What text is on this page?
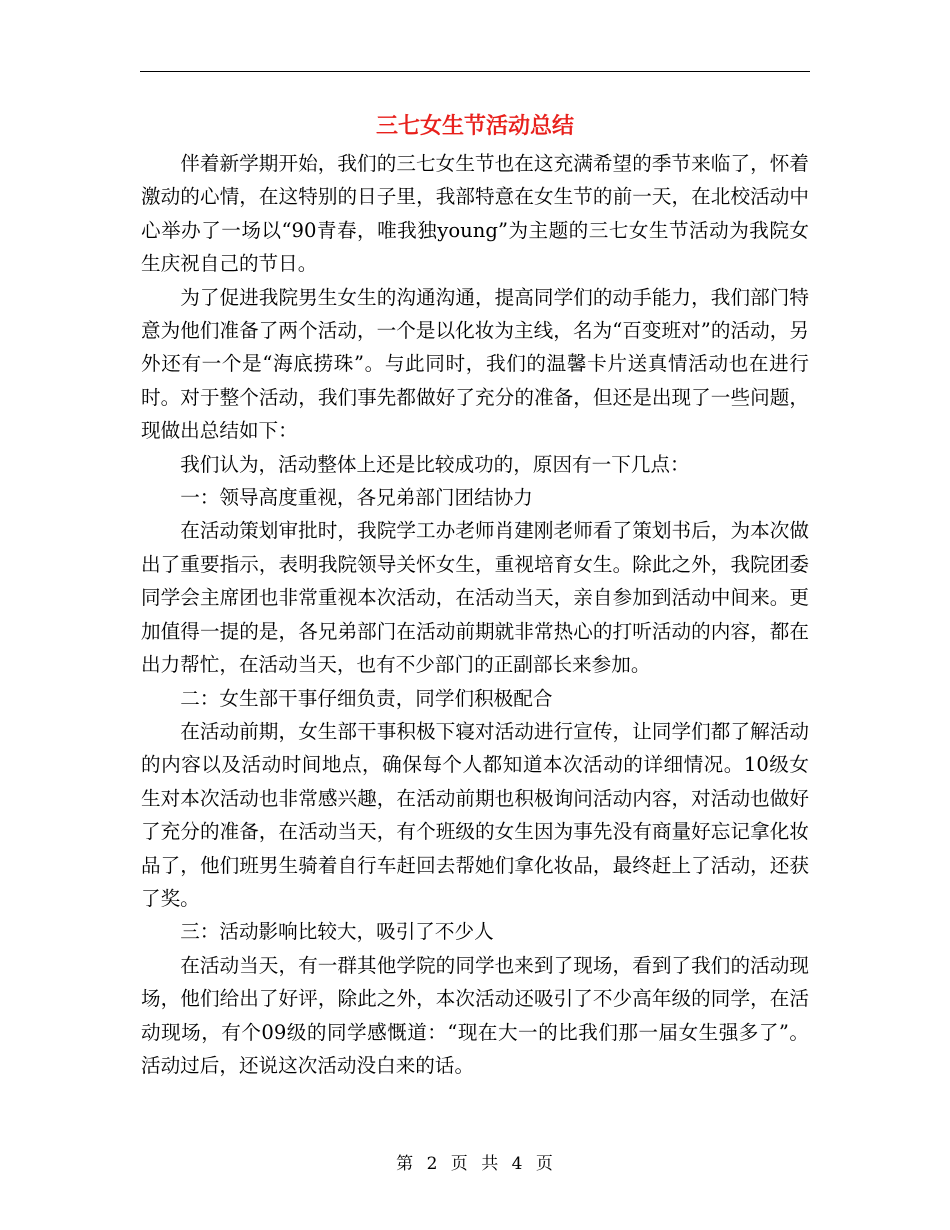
三七女生节活动总结

伴着新学期开始，我们的三七女生节也在这充满希望的季节来临了，怀着激动的心情，在这特别的日子里，我部特意在女生节的前一天，在北校活动中心举办了一场以“90青春，唯我独young”为主题的三七女生节活动为我院女生庆祝自己的节日。

为了促进我院男生女生的沟通沟通，提高同学们的动手能力，我们部门特意为他们准备了两个活动，一个是以化妆为主线，名为“百变班对”的活动，另外还有一个是“海底捞珠”。与此同时，我们的温馨卡片送真情活动也在进行时。对于整个活动，我们事先都做好了充分的准备，但还是出现了一些问题，现做出总结如下：

我们认为，活动整体上还是比较成功的，原因有一下几点：

一：领导高度重视，各兄弟部门团结协力

在活动策划审批时，我院学工办老师肖建刚老师看了策划书后，为本次做出了重要指示，表明我院领导关怀女生，重视培育女生。除此之外，我院团委同学会主席团也非常重视本次活动，在活动当天，亲自参加到活动中间来。更加值得一提的是，各兄弟部门在活动前期就非常热心的打听活动的内容，都在出力帮忙，在活动当天，也有不少部门的正副部长来参加。

二：女生部干事仔细负责，同学们积极配合

在活动前期，女生部干事积极下寝对活动进行宣传，让同学们都了解活动的内容以及活动时间地点，确保每个人都知道本次活动的详细情况。10级女生对本次活动也非常感兴趣，在活动前期也积极询问活动内容，对活动也做好了充分的准备，在活动当天，有个班级的女生因为事先没有商量好忘记拿化妆品了，他们班男生骑着自行车赶回去帮她们拿化妆品，最终赶上了活动，还获了奖。

三：活动影响比较大，吸引了不少人

在活动当天，有一群其他学院的同学也来到了现场，看到了我们的活动现场，他们给出了好评，除此之外，本次活动还吸引了不少高年级的同学，在活动现场，有个09级的同学感慨道：“现在大一的比我们那一届女生强多了”。活动过后，还说这次活动没白来的话。

第 2 页 共 4 页
